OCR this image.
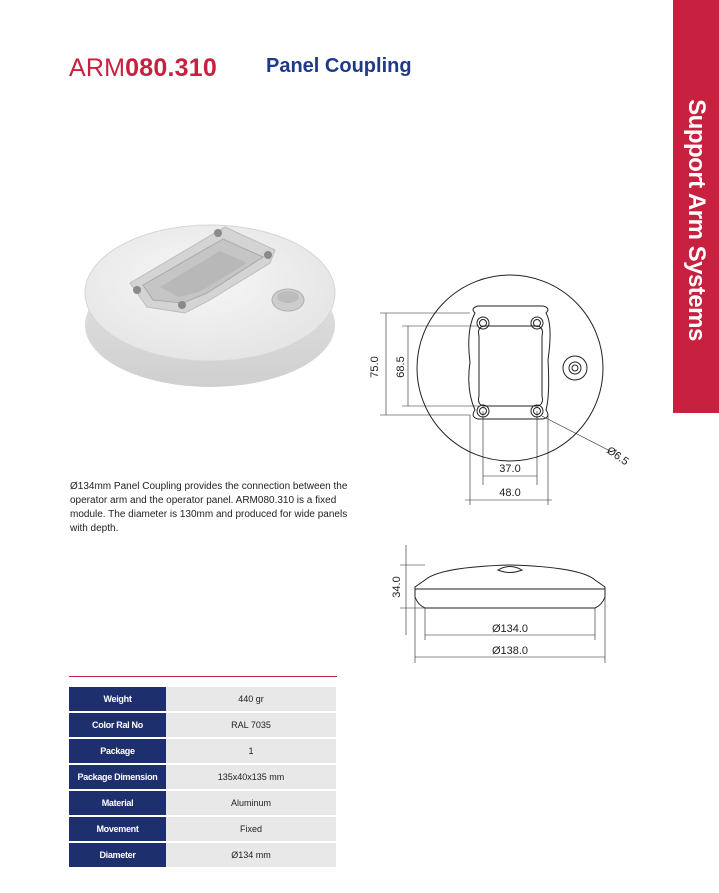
ARM080.310 Panel Coupling
Support Arm Systems
75.0 68.5
Ø6.5
37.0
48.0
34.0
Ø134.0
Ø138.0
Ø134mm Panel Coupling provides the connection between the operator arm and the operator panel. ARM080.310 is a fixed module. The diameter is 130mm and produced for wide panels with depth.
Weight	440 gr
Color Ral No	RAL 7035
Package	1
Package Dimension	135x40x135 mm
Material	Aluminum
Movement	Fixed
Diameter	Ø134 mm
